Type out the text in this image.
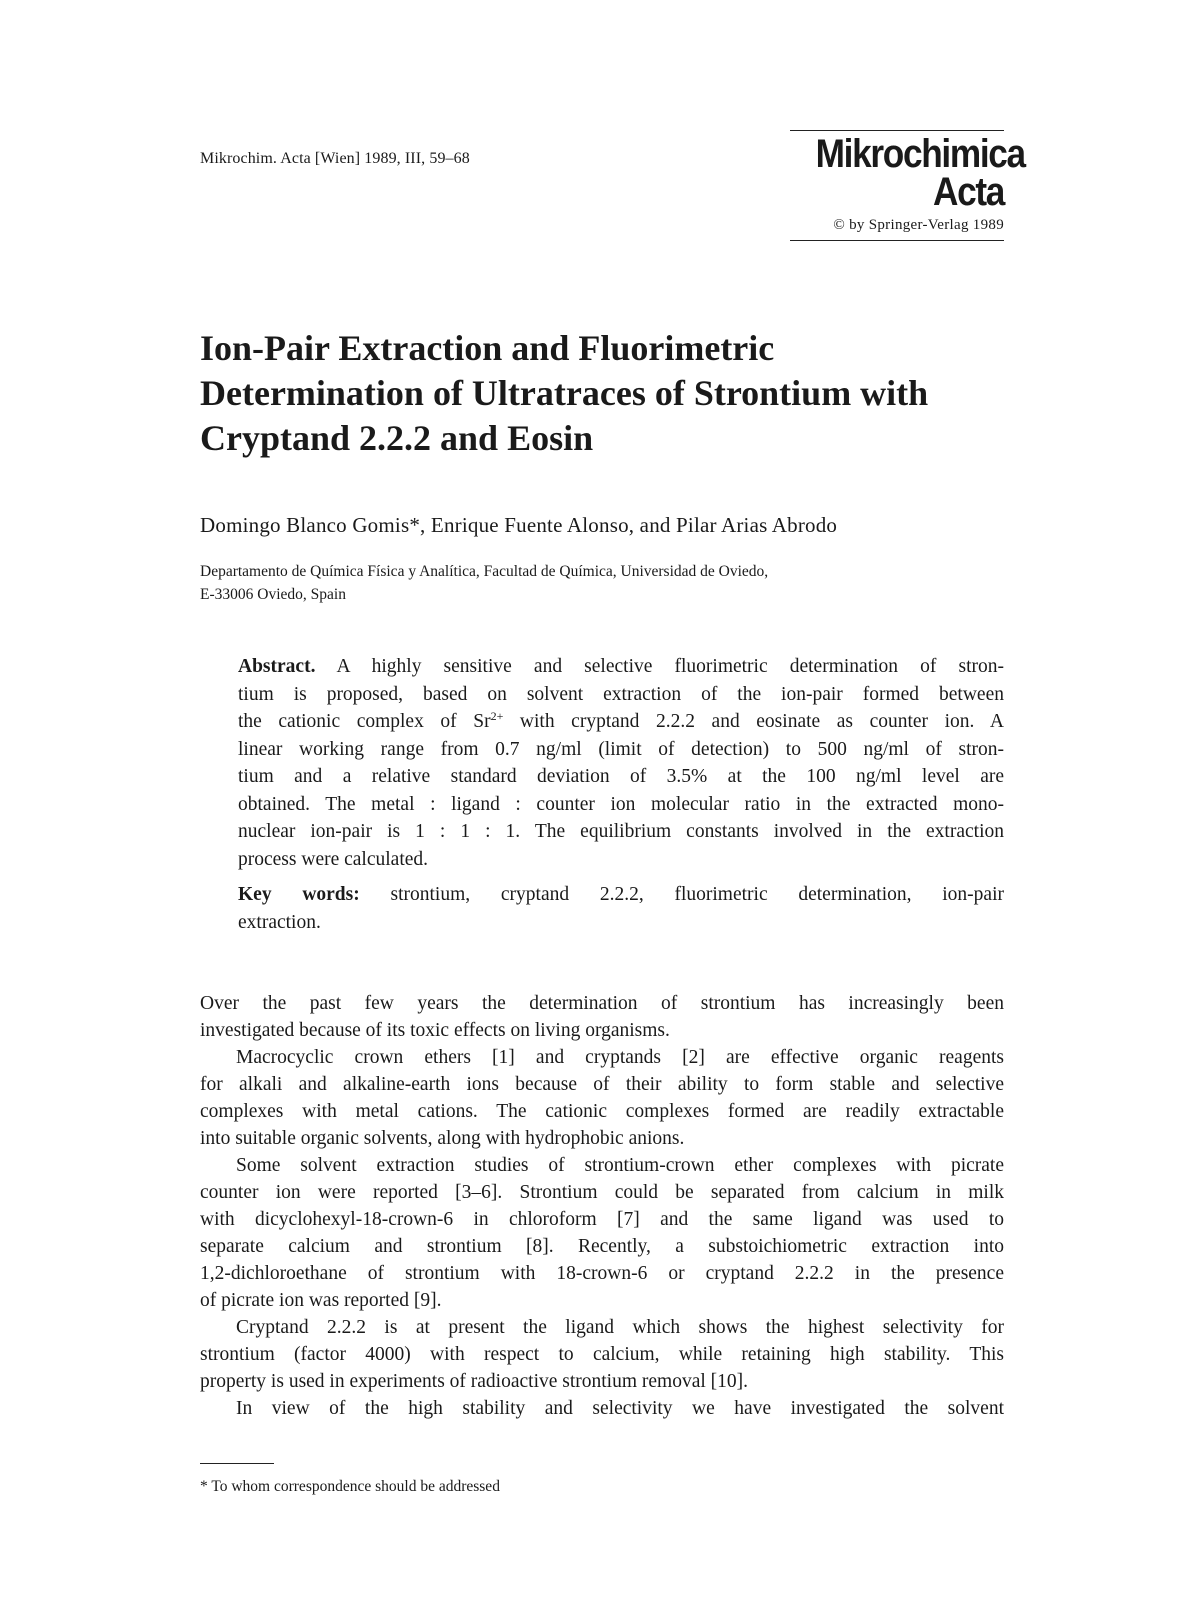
Mikrochim. Acta [Wien] 1989, III, 59–68	Mikrochimica
Acta
© by Springer-Verlag 1989
Ion-Pair Extraction and Fluorimetric
Determination of Ultratraces of Strontium with
Cryptand 2.2.2 and Eosin
Domingo Blanco Gomis*, Enrique Fuente Alonso, and Pilar Arias Abrodo
Departamento de Química Física y Analítica, Facultad de Química, Universidad de Oviedo,
E-33006 Oviedo, Spain
Abstract. A highly sensitive and selective fluorimetric determination of stron-
tium is proposed, based on solvent extraction of the ion-pair formed between
the cationic complex of $Sr^{2+}$ with cryptand 2.2.2 and eosinate as counter ion. A
linear working range from 0.7 ng/ml (limit of detection) to 500 ng/ml of stron-
tium and a relative standard deviation of 3.5% at the 100 ng/ml level are
obtained. The metal : ligand : counter ion molecular ratio in the extracted mono-
nuclear ion-pair is 1 : 1 : 1. The equilibrium constants involved in the extraction
process were calculated.
Key words: strontium, cryptand 2.2.2, fluorimetric determination, ion-pair
extraction.
Over the past few years the determination of strontium has increasingly been
investigated because of its toxic effects on living organisms.
Macrocyclic crown ethers [1] and cryptands [2] are effective organic reagents
for alkali and alkaline-earth ions because of their ability to form stable and selective
complexes with metal cations. The cationic complexes formed are readily extractable
into suitable organic solvents, along with hydrophobic anions.
Some solvent extraction studies of strontium-crown ether complexes with picrate
counter ion were reported [3–6]. Strontium could be separated from calcium in milk
with dicyclohexyl-18-crown-6 in chloroform [7] and the same ligand was used to
separate calcium and strontium [8]. Recently, a substoichiometric extraction into
1,2-dichloroethane of strontium with 18-crown-6 or cryptand 2.2.2 in the presence
of picrate ion was reported [9].
Cryptand 2.2.2 is at present the ligand which shows the highest selectivity for
strontium (factor 4000) with respect to calcium, while retaining high stability. This
property is used in experiments of radioactive strontium removal [10].
In view of the high stability and selectivity we have investigated the solvent
* To whom correspondence should be addressed
